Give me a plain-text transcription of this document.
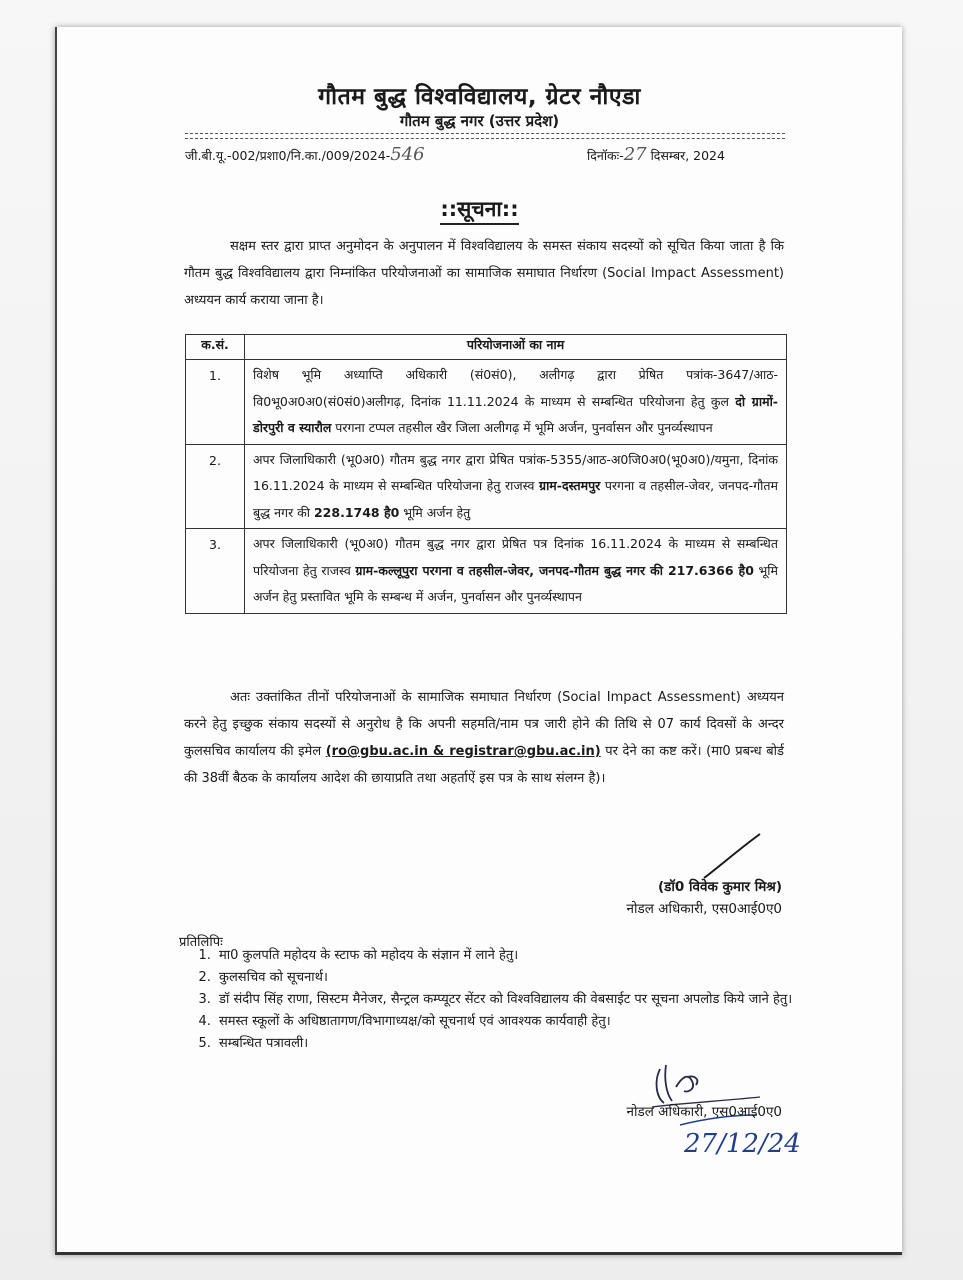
गौतम बुद्ध विश्वविद्यालय, ग्रेटर नौएडा
गौतम बुद्ध नगर (उत्तर प्रदेश)
जी.बी.यू.-002/प्रशा0/नि.का./009/2024-546	दिनॉकः-27 दिसम्बर, 2024
::सूचना::
सक्षम स्तर द्वारा प्राप्त अनुमोदन के अनुपालन में विश्वविद्यालय के समस्त संकाय सदस्यों को सूचित किया जाता है कि गौतम बुद्ध विश्वविद्यालय द्वारा निम्नांकित परियोजनाओं का सामाजिक समाघात निर्धारण (Social Impact Assessment) अध्ययन कार्य कराया जाना है।
क.सं.	परियोजनाओं का नाम
1.	विशेष भूमि अध्याप्ति अधिकारी (सं0सं0), अलीगढ़ द्वारा प्रेषित पत्रांक-3647/आठ-वि0भू0अ0अ0(सं0सं0)अलीगढ़, दिनांक 11.11.2024 के माध्यम से सम्बन्धित परियोजना हेतु कुल दो ग्रामों-डोरपुरी व स्यारौल परगना टप्पल तहसील खैर जिला अलीगढ़ में भूमि अर्जन, पुनर्वासन और पुनर्व्यस्थापन
2.	अपर जिलाधिकारी (भू0अ0) गौतम बुद्ध नगर द्वारा प्रेषित पत्रांक-5355/आठ-अ0जि0अ0(भू0अ0)/यमुना, दिनांक 16.11.2024 के माध्यम से सम्बन्धित परियोजना हेतु राजस्व ग्राम-दस्तमपुर परगना व तहसील-जेवर, जनपद-गौतम बुद्ध नगर की 228.1748 है0 भूमि अर्जन हेतु
3.	अपर जिलाधिकारी (भू0अ0) गौतम बुद्ध नगर द्वारा प्रेषित पत्र दिनांक 16.11.2024 के माध्यम से सम्बन्धित परियोजना हेतु राजस्व ग्राम-कल्लूपुरा परगना व तहसील-जेवर, जनपद-गौतम बुद्ध नगर की 217.6366 है0 भूमि अर्जन हेतु प्रस्तावित भूमि के सम्बन्ध में अर्जन, पुनर्वासन और पुनर्व्यस्थापन
अतः उक्तांकित तीनों परियोजनाओं के सामाजिक समाघात निर्धारण (Social Impact Assessment) अध्ययन करने हेतु इच्छुक संकाय सदस्यों से अनुरोध है कि अपनी सहमति/नाम पत्र जारी होने की तिथि से 07 कार्य दिवसों के अन्दर कुलसचिव कार्यालय की इमेल (ro@gbu.ac.in & registrar@gbu.ac.in) पर देने का कष्ट करें। (मा0 प्रबन्ध बोर्ड की 38वीं बैठक के कार्यालय आदेश की छायाप्रति तथा अहर्ताऐं इस पत्र के साथ संलग्न है)।
(डॉ0 विवेक कुमार मिश्र)
नोडल अधिकारी, एस0आई0ए0
प्रतिलिपिः
1. मा0 कुलपति महोदय के स्टाफ को महोदय के संज्ञान में लाने हेतु।
2. कुलसचिव को सूचनार्थ।
3. डॉ संदीप सिंह राणा, सिस्टम मैनेजर, सैन्ट्रल कम्प्यूटर सेंटर को विश्वविद्यालय की वेबसाईट पर सूचना अपलोड किये जाने हेतु।
4. समस्त स्कूलों के अधिष्ठातागण/विभागाध्यक्ष/को सूचनार्थ एवं आवश्यक कार्यवाही हेतु।
5. सम्बन्धित पत्रावली।
27/12/24
नोडल अधिकारी, एस0आई0ए0
